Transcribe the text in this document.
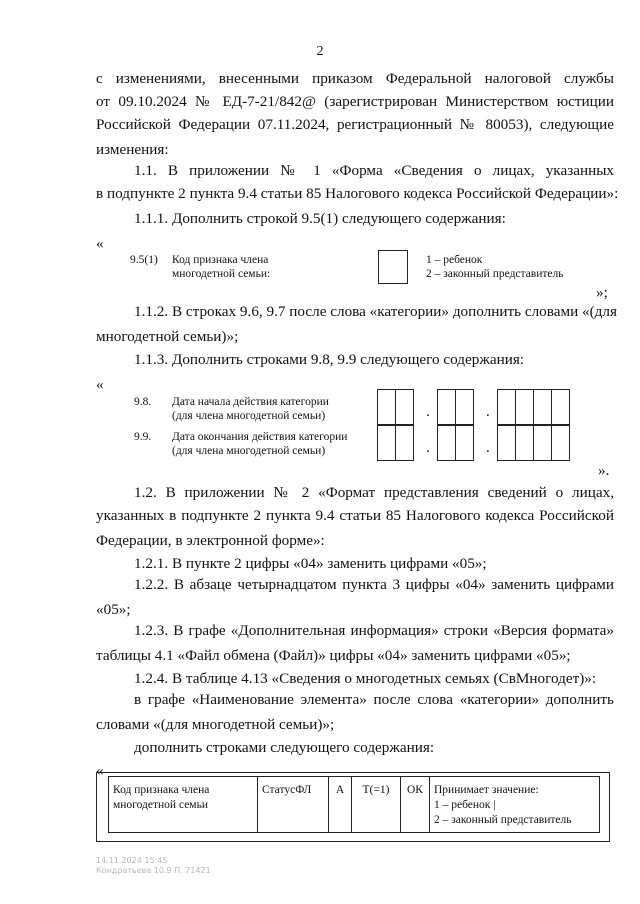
2
с изменениями, внесенными приказом Федеральной налоговой службы
от 09.10.2024 № ЕД-7-21/842@ (зарегистрирован Министерством юстиции
Российской Федерации 07.11.2024, регистрационный № 80053), следующие
изменения:
1.1. В приложении № 1 «Форма «Сведения о лицах, указанных
в подпункте 2 пункта 9.4 статьи 85 Налогового кодекса Российской Федерации»:
1.1.1. Дополнить строкой 9.5(1) следующего содержания:
«
9.5(1) Код признака члена
многодетной семьи:
1 – ребенок
2 – законный представитель
»;
1.1.2. В строках 9.6, 9.7 после слова «категории» дополнить словами «(для
многодетной семьи)»;
1.1.3. Дополнить строками 9.8, 9.9 следующего содержания:
«
9.8. Дата начала действия категории
(для члена многодетной семьи)	.	.
9.9. Дата окончания действия категории
(для члена многодетной семьи)	.	.
».
1.2. В приложении № 2 «Формат представления сведений о лицах,
указанных в подпункте 2 пункта 9.4 статьи 85 Налогового кодекса Российской
Федерации, в электронной форме»:
1.2.1. В пункте 2 цифры «04» заменить цифрами «05»;
1.2.2. В абзаце четырнадцатом пункта 3 цифры «04» заменить цифрами
«05»;
1.2.3. В графе «Дополнительная информация» строки «Версия формата»
таблицы 4.1 «Файл обмена (Файл)» цифры «04» заменить цифрами «05»;
1.2.4. В таблице 4.13 «Сведения о многодетных семьях (СвМногодет)»:
в графе «Наименование элемента» после слова «категории» дополнить
словами «(для многодетной семьи)»;
дополнить строками следующего содержания:
«
Код признака члена
многодетной семьи
	СтатусФЛ	А	Т(=1)	ОК	Принимает значение:
1 – ребенок |
2 – законный представитель
14.11.2024 15:45
Кондратьева 10.9 П. 71421
